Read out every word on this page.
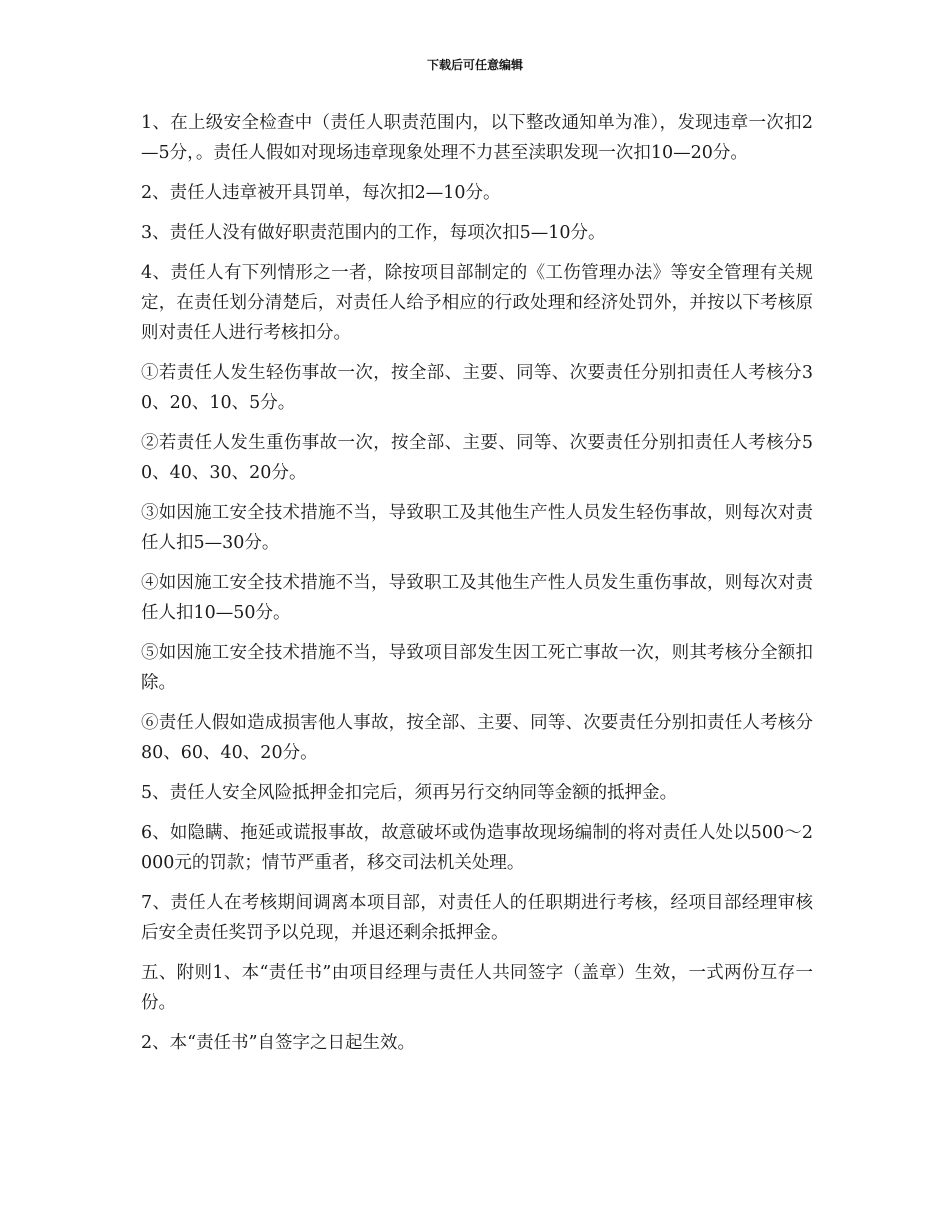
下载后可任意编辑

1、在上级安全检查中（责任人职责范围内，以下整改通知单为准），发现违章一次扣2—5分，。责任人假如对现场违章现象处理不力甚至渎职发现一次扣10—20分。

2、责任人违章被开具罚单，每次扣2—10分。

3、责任人没有做好职责范围内的工作，每项次扣5—10分。

4、责任人有下列情形之一者，除按项目部制定的《工伤管理办法》等安全管理有关规定，在责任划分清楚后，对责任人给予相应的行政处理和经济处罚外，并按以下考核原则对责任人进行考核扣分。

①若责任人发生轻伤事故一次，按全部、主要、同等、次要责任分别扣责任人考核分30、20、10、5分。

②若责任人发生重伤事故一次，按全部、主要、同等、次要责任分别扣责任人考核分50、40、30、20分。

③如因施工安全技术措施不当，导致职工及其他生产性人员发生轻伤事故，则每次对责任人扣5—30分。

④如因施工安全技术措施不当，导致职工及其他生产性人员发生重伤事故，则每次对责任人扣10—50分。

⑤如因施工安全技术措施不当，导致项目部发生因工死亡事故一次，则其考核分全额扣除。

⑥责任人假如造成损害他人事故，按全部、主要、同等、次要责任分别扣责任人考核分80、60、40、20分。

5、责任人安全风险抵押金扣完后，须再另行交纳同等金额的抵押金。

6、如隐瞒、拖延或谎报事故，故意破坏或伪造事故现场编制的将对责任人处以500～2000元的罚款；情节严重者，移交司法机关处理。

7、责任人在考核期间调离本项目部，对责任人的任职期进行考核，经项目部经理审核后安全责任奖罚予以兑现，并退还剩余抵押金。

五、附则1、本“责任书”由项目经理与责任人共同签字（盖章）生效，一式两份互存一份。

2、本“责任书”自签字之日起生效。
